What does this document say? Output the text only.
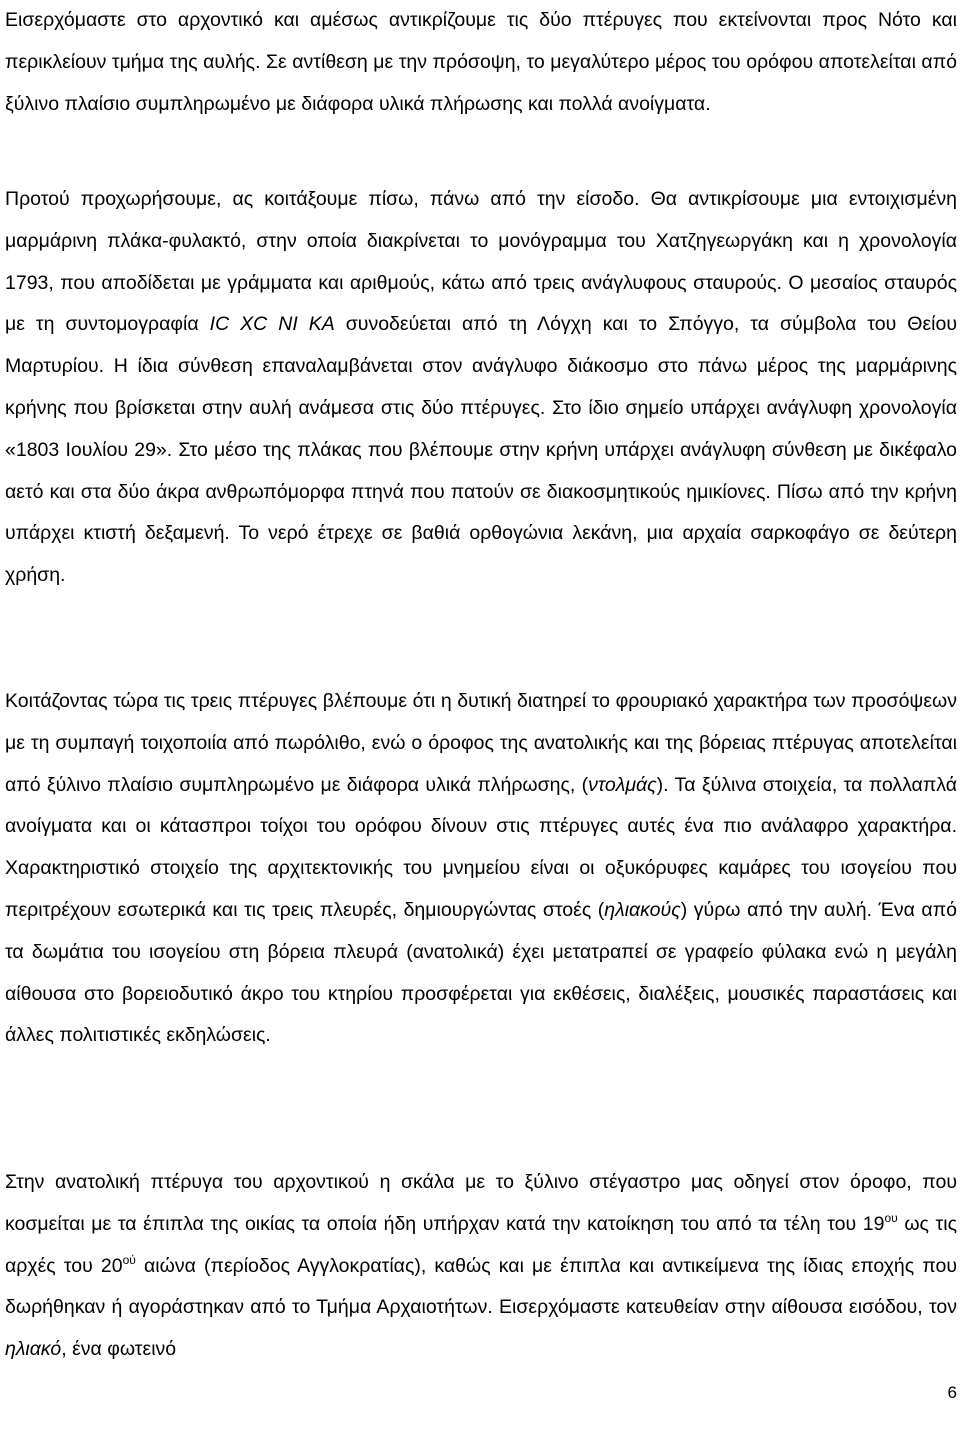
Εισερχόμαστε στο αρχοντικό και αμέσως αντικρίζουμε τις δύο πτέρυγες που εκτείνονται προς Νότο και περικλείουν τμήμα της αυλής. Σε αντίθεση με την πρόσοψη, το μεγαλύτερο μέρος του ορόφου αποτελείται από ξύλινο πλαίσιο συμπληρωμένο με διάφορα υλικά πλήρωσης και πολλά ανοίγματα.

Προτού προχωρήσουμε, ας κοιτάξουμε πίσω, πάνω από την είσοδο. Θα αντικρίσουμε μια εντοιχισμένη μαρμάρινη πλάκα-φυλακτό, στην οποία διακρίνεται το μονόγραμμα του Χατζηγεωργάκη και η χρονολογία 1793, που αποδίδεται με γράμματα και αριθμούς, κάτω από τρεις ανάγλυφους σταυρούς. Ο μεσαίος σταυρός με τη συντομογραφία IC XC NI KA συνοδεύεται από τη Λόγχη και το Σπόγγο, τα σύμβολα του Θείου Μαρτυρίου. Η ίδια σύνθεση επαναλαμβάνεται στον ανάγλυφο διάκοσμο στο πάνω μέρος της μαρμάρινης κρήνης που βρίσκεται στην αυλή ανάμεσα στις δύο πτέρυγες. Στο ίδιο σημείο υπάρχει ανάγλυφη χρονολογία «1803 Ιουλίου 29». Στο μέσο της πλάκας που βλέπουμε στην κρήνη υπάρχει ανάγλυφη σύνθεση με δικέφαλο αετό και στα δύο άκρα ανθρωπόμορφα πτηνά που πατούν σε διακοσμητικούς ημικίονες. Πίσω από την κρήνη υπάρχει κτιστή δεξαμενή. Το νερό έτρεχε σε βαθιά ορθογώνια λεκάνη, μια αρχαία σαρκοφάγο σε δεύτερη χρήση.

Κοιτάζοντας τώρα τις τρεις πτέρυγες βλέπουμε ότι η δυτική διατηρεί το φρουριακό χαρακτήρα των προσόψεων με τη συμπαγή τοιχοποιία από πωρόλιθο, ενώ ο όροφος της ανατολικής και της βόρειας πτέρυγας αποτελείται από ξύλινο πλαίσιο συμπληρωμένο με διάφορα υλικά πλήρωσης, (ντολμάς). Τα ξύλινα στοιχεία, τα πολλαπλά ανοίγματα και οι κάτασπροι τοίχοι του ορόφου δίνουν στις πτέρυγες αυτές ένα πιο ανάλαφρο χαρακτήρα. Χαρακτηριστικό στοιχείο της αρχιτεκτονικής του μνημείου είναι οι οξυκόρυφες καμάρες του ισογείου που περιτρέχουν εσωτερικά και τις τρεις πλευρές, δημιουργώντας στοές (ηλιακούς) γύρω από την αυλή. Ένα από τα δωμάτια του ισογείου στη βόρεια πλευρά (ανατολικά) έχει μετατραπεί σε γραφείο φύλακα ενώ η μεγάλη αίθουσα στο βορειοδυτικό άκρο του κτηρίου προσφέρεται για εκθέσεις, διαλέξεις, μουσικές παραστάσεις και άλλες πολιτιστικές εκδηλώσεις.

Στην ανατολική πτέρυγα του αρχοντικού η σκάλα με το ξύλινο στέγαστρο μας οδηγεί στον όροφο, που κοσμείται με τα έπιπλα της οικίας τα οποία ήδη υπήρχαν κατά την κατοίκηση του από τα τέλη του $19^{o\upsilon}$ ως τις αρχές του $20^{oύ}$ αιώνα (περίοδος Αγγλοκρατίας), καθώς και με έπιπλα και αντικείμενα της ίδιας εποχής που δωρήθηκαν ή αγοράστηκαν από το Τμήμα Αρχαιοτήτων. Εισερχόμαστε κατευθείαν στην αίθουσα εισόδου, τον ηλιακό, ένα φωτεινό

6
